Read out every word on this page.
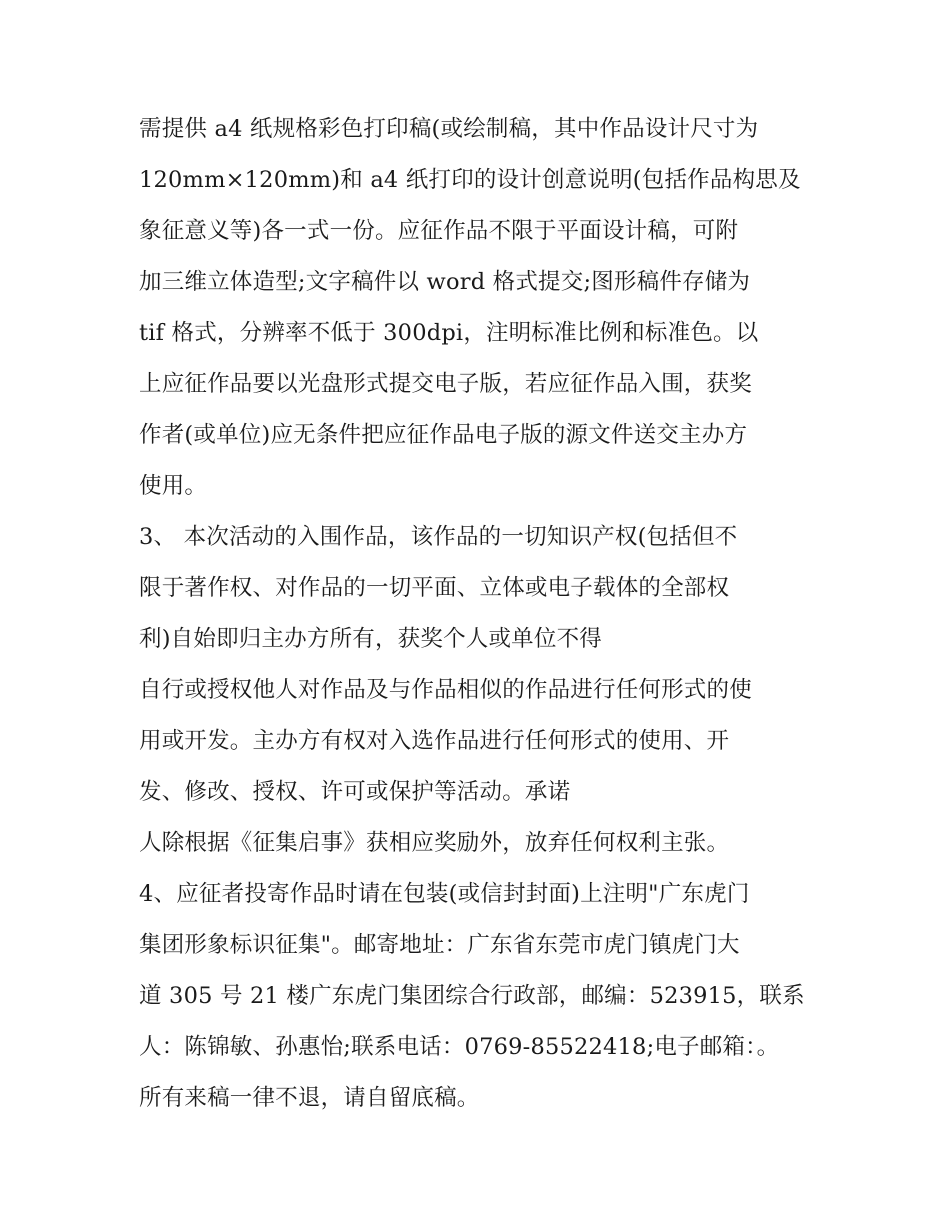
需提供 a4 纸规格彩色打印稿(或绘制稿，其中作品设计尺寸为
120mm×120mm)和 a4 纸打印的设计创意说明(包括作品构思及
象征意义等)各一式一份。应征作品不限于平面设计稿，可附
加三维立体造型;文字稿件以 word 格式提交;图形稿件存储为
tif 格式，分辨率不低于 300dpi，注明标准比例和标准色。以
上应征作品要以光盘形式提交电子版，若应征作品入围，获奖
作者(或单位)应无条件把应征作品电子版的源文件送交主办方
使用。
3、 本次活动的入围作品，该作品的一切知识产权(包括但不
限于著作权、对作品的一切平面、立体或电子载体的全部权
利)自始即归主办方所有，获奖个人或单位不得
自行或授权他人对作品及与作品相似的作品进行任何形式的使
用或开发。主办方有权对入选作品进行任何形式的使用、开
发、修改、授权、许可或保护等活动。承诺
人除根据《征集启事》获相应奖励外，放弃任何权利主张。
4、应征者投寄作品时请在包装(或信封封面)上注明"广东虎门
集团形象标识征集"。邮寄地址：广东省东莞市虎门镇虎门大
道 305 号 21 楼广东虎门集团综合行政部，邮编：523915，联系
人：陈锦敏、孙惠怡;联系电话：0769-85522418;电子邮箱：。
所有来稿一律不退，请自留底稿。
